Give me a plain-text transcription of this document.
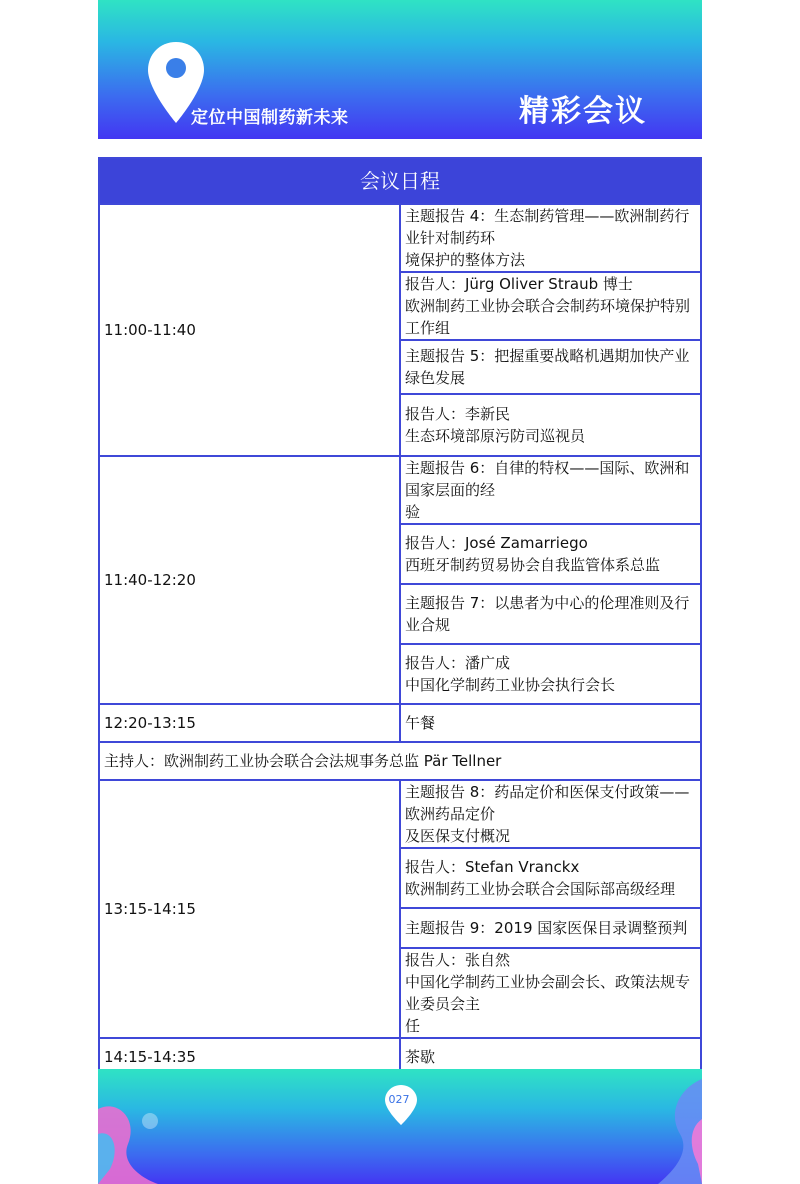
定位中国制药新未来	精彩会议
会议日程	
11:00-11:40	主题报告 4：生态制药管理——欧洲制药行业针对制药环
境保护的整体方法

	报告人：Jürg Oliver Straub 博士
欧洲制药工业协会联合会制药环境保护特别工作组

	主题报告 5：把握重要战略机遇期加快产业绿色发展

	报告人：李新民
生态环境部原污防司巡视员

11:40-12:20	主题报告 6：自律的特权——国际、欧洲和国家层面的经
验

	报告人：José Zamarriego
西班牙制药贸易协会自我监管体系总监

	主题报告 7：以患者为中心的伦理准则及行业合规

	报告人：潘广成
中国化学制药工业协会执行会长

12:20-13:15	午餐

主持人：欧洲制药工业协会联合会法规事务总监 Pär Tellner	
13:15-14:15	主题报告 8：药品定价和医保支付政策——欧洲药品定价
及医保支付概况

	报告人：Stefan Vranckx
欧洲制药工业协会联合会国际部高级经理

	主题报告 9：2019 国家医保目录调整预判

	报告人：张自然
中国化学制药工业协会副会长、政策法规专业委员会主
任

14:15-14:35	茶歇
027
